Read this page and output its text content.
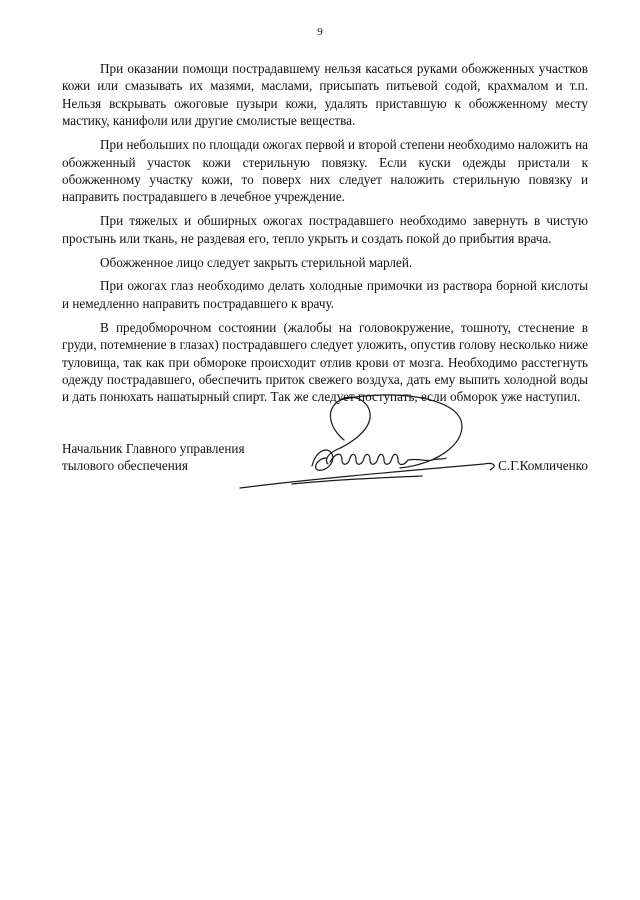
9

При оказании помощи пострадавшему нельзя касаться руками обожженных участков кожи или смазывать их мазями, маслами, присыпать питьевой содой, крахмалом и т.п. Нельзя вскрывать ожоговые пузыри кожи, удалять приставшую к обожженному месту мастику, канифоли или другие смолистые вещества.

При небольших по площади ожогах первой и второй степени необходимо наложить на обожженный участок кожи стерильную повязку. Если куски одежды пристали к обожженному участку кожи, то поверх них следует наложить стерильную повязку и направить пострадавшего в лечебное учреждение.

При тяжелых и обширных ожогах пострадавшего необходимо завернуть в чистую простынь или ткань, не раздевая его, тепло укрыть и создать покой до прибытия врача.

Обожженное лицо следует закрыть стерильной марлей.

При ожогах глаз необходимо делать холодные примочки из раствора борной кислоты и немедленно направить пострадавшего к врачу.

В предобморочном состоянии (жалобы на головокружение, тошноту, стеснение в груди, потемнение в глазах) пострадавшего следует уложить, опустив голову несколько ниже туловища, так как при обмороке происходит отлив крови от мозга. Необходимо расстегнуть одежду пострадавшего, обеспечить приток свежего воздуха, дать ему выпить холодной воды и дать понюхать нашатырный спирт. Так же следует поступать, если обморок уже наступил.

Начальник Главного управления
тылового обеспечения	С.Г.Комличенко
